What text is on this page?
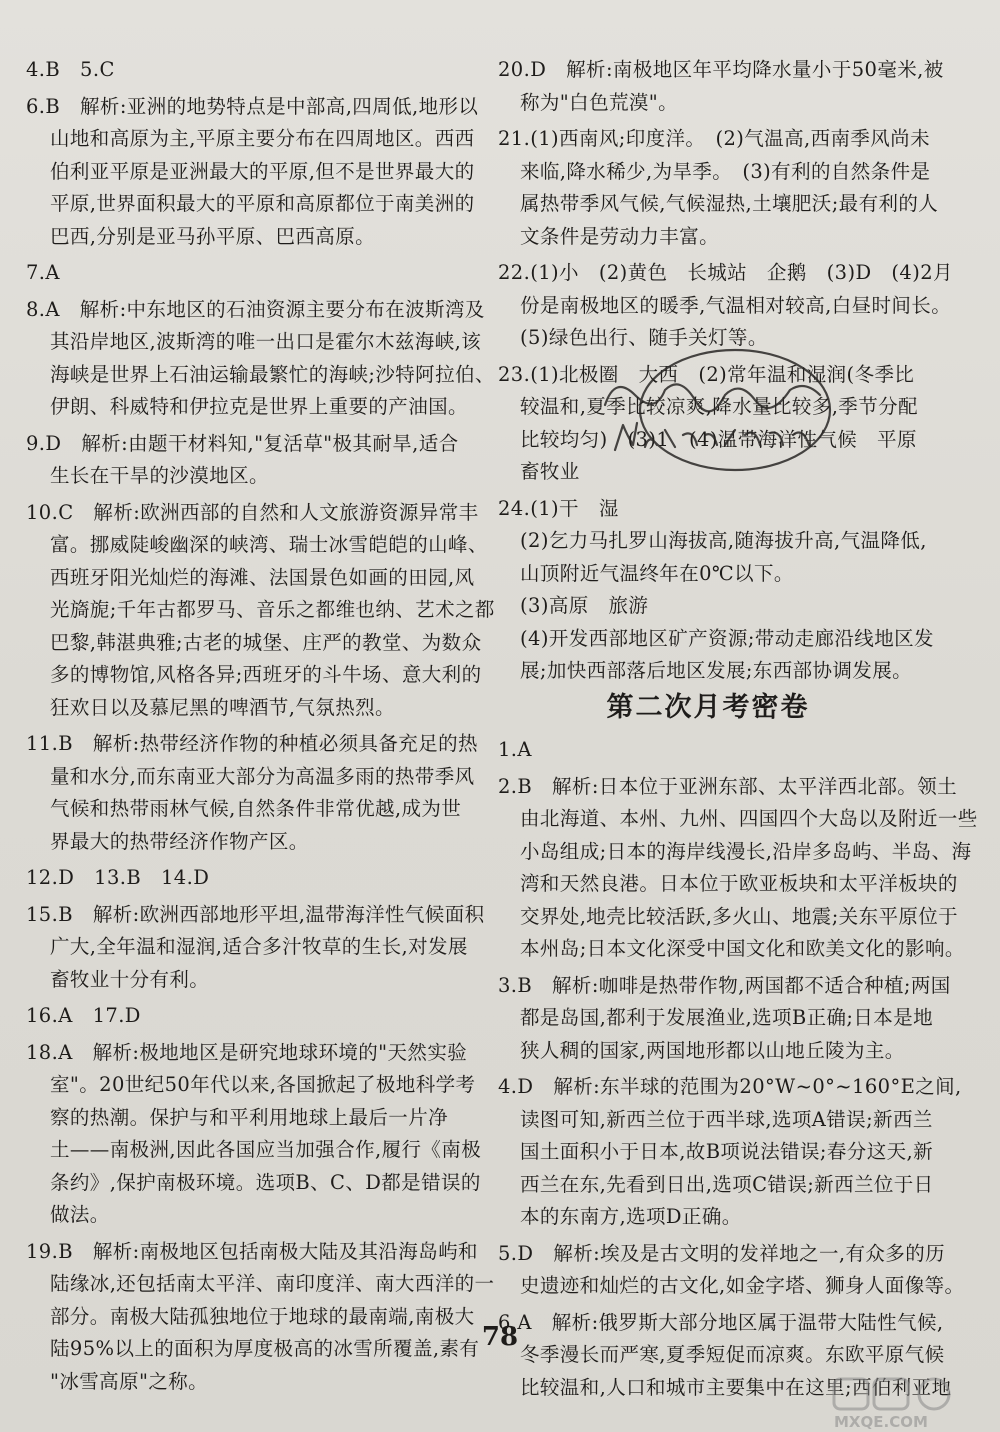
4.B　5.C
6.B　解析:亚洲的地势特点是中部高,四周低,地形以
山地和高原为主,平原主要分布在四周地区。西西
伯利亚平原是亚洲最大的平原,但不是世界最大的
平原,世界面积最大的平原和高原都位于南美洲的
巴西,分别是亚马孙平原、巴西高原。
7.A
8.A　解析:中东地区的石油资源主要分布在波斯湾及
其沿岸地区,波斯湾的唯一出口是霍尔木兹海峡,该
海峡是世界上石油运输最繁忙的海峡;沙特阿拉伯、
伊朗、科威特和伊拉克是世界上重要的产油国。
9.D　解析:由题干材料知,"复活草"极其耐旱,适合
生长在干旱的沙漠地区。
10.C　解析:欧洲西部的自然和人文旅游资源异常丰
富。挪威陡峻幽深的峡湾、瑞士冰雪皑皑的山峰、
西班牙阳光灿烂的海滩、法国景色如画的田园,风
光旖旎;千年古都罗马、音乐之都维也纳、艺术之都
巴黎,韩湛典雅;古老的城堡、庄严的教堂、为数众
多的博物馆,风格各异;西班牙的斗牛场、意大利的
狂欢日以及慕尼黑的啤酒节,气氛热烈。
11.B　解析:热带经济作物的种植必须具备充足的热
量和水分,而东南亚大部分为高温多雨的热带季风
气候和热带雨林气候,自然条件非常优越,成为世
界最大的热带经济作物产区。
12.D　13.B　14.D
15.B　解析:欧洲西部地形平坦,温带海洋性气候面积
广大,全年温和湿润,适合多汁牧草的生长,对发展
畜牧业十分有利。
16.A　17.D
18.A　解析:极地地区是研究地球环境的"天然实验
室"。20世纪50年代以来,各国掀起了极地科学考
察的热潮。保护与和平利用地球上最后一片净
土——南极洲,因此各国应当加强合作,履行《南极
条约》,保护南极环境。选项B、C、D都是错误的
做法。
19.B　解析:南极地区包括南极大陆及其沿海岛屿和
陆缘冰,还包括南太平洋、南印度洋、南大西洋的一
部分。南极大陆孤独地位于地球的最南端,南极大
陆95%以上的面积为厚度极高的冰雪所覆盖,素有
"冰雪高原"之称。
20.D　解析:南极地区年平均降水量小于50毫米,被
称为"白色荒漠"。
21.(1)西南风;印度洋。　(2)气温高,西南季风尚未
来临,降水稀少,为旱季。　(3)有利的自然条件是
属热带季风气候,气候湿热,土壤肥沃;最有利的人
文条件是劳动力丰富。
22.(1)小　(2)黄色　长城站　企鹅　(3)D　(4)2月
份是南极地区的暖季,气温相对较高,白昼时间长。
(5)绿色出行、随手关灯等。
23.(1)北极圈　大西　(2)常年温和湿润(冬季比
较温和,夏季比较凉爽,降水量比较多,季节分配
比较均匀)　(3)1　(4)温带海洋性气候　平原
畜牧业
24.(1)干　湿
(2)乞力马扎罗山海拔高,随海拔升高,气温降低,
山顶附近气温终年在0℃以下。
(3)高原　旅游
(4)开发西部地区矿产资源;带动走廊沿线地区发
展;加快西部落后地区发展;东西部协调发展。
第二次月考密卷
1.A
2.B　解析:日本位于亚洲东部、太平洋西北部。领土
由北海道、本州、九州、四国四个大岛以及附近一些
小岛组成;日本的海岸线漫长,沿岸多岛屿、半岛、海
湾和天然良港。日本位于欧亚板块和太平洋板块的
交界处,地壳比较活跃,多火山、地震;关东平原位于
本州岛;日本文化深受中国文化和欧美文化的影响。
3.B　解析:咖啡是热带作物,两国都不适合种植;两国
都是岛国,都利于发展渔业,选项B正确;日本是地
狭人稠的国家,两国地形都以山地丘陵为主。
4.D　解析:东半球的范围为20°W~0°~160°E之间,
读图可知,新西兰位于西半球,选项A错误;新西兰
国土面积小于日本,故B项说法错误;春分这天,新
西兰在东,先看到日出,选项C错误;新西兰位于日
本的东南方,选项D正确。
5.D　解析:埃及是古文明的发祥地之一,有众多的历
史遗迹和灿烂的古文化,如金字塔、狮身人面像等。
6.A　解析:俄罗斯大部分地区属于温带大陆性气候,
冬季漫长而严寒,夏季短促而凉爽。东欧平原气候
比较温和,人口和城市主要集中在这里;西伯利亚地
78
MXQE.COM
